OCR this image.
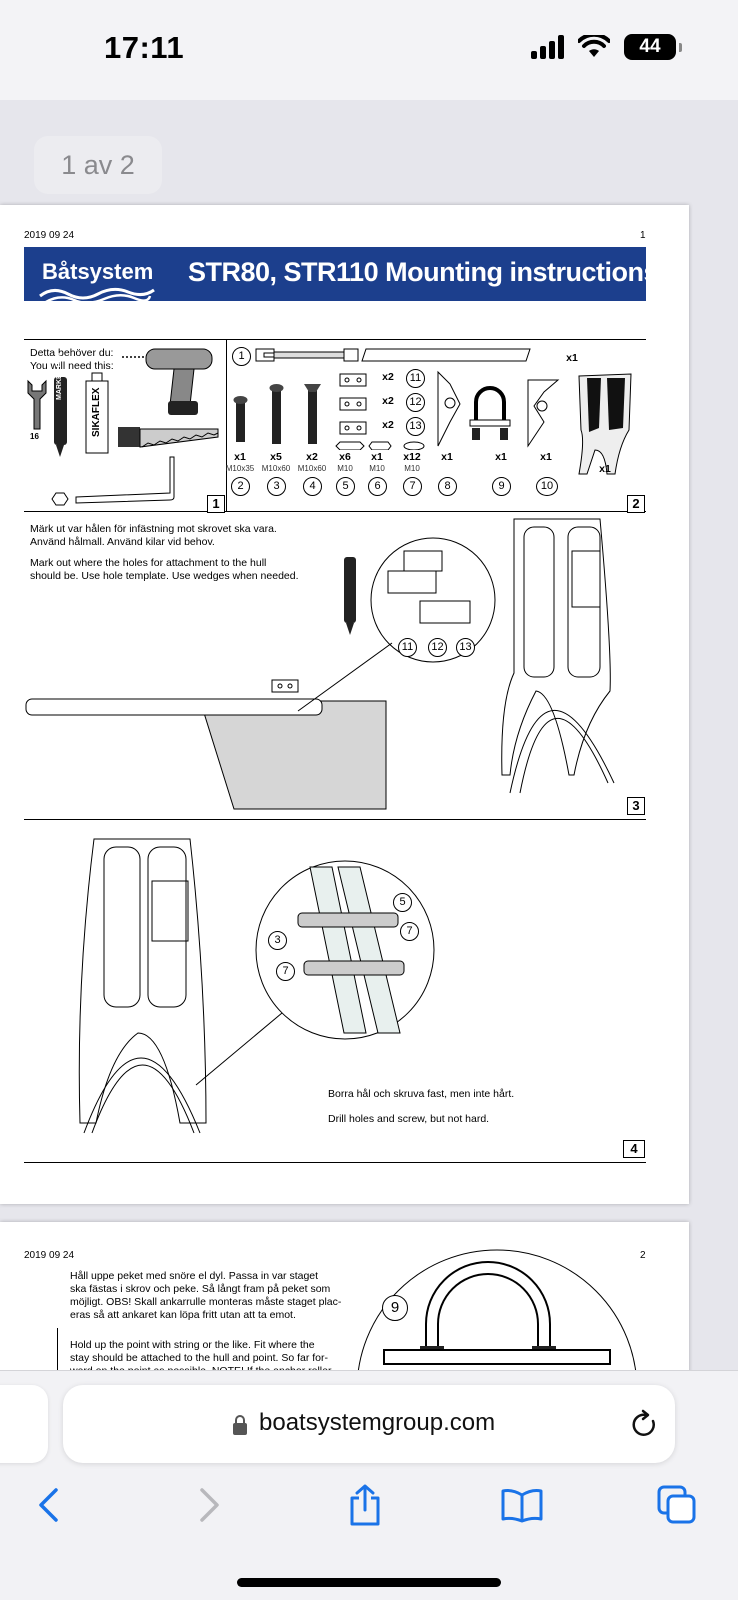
17:11	44
1 av 2
2019 09 24	1
Båtsystem STR80, STR110 Mounting instructions
Båtsystem AB, Traneredsvägen 112, 426 53 Västra Frölunda, Tel: 031-69 03 80, Fax: 031-690097
www.batsystem.se, info@batsystem.se
Detta behöver du:
You will need this:
16
MARKER PEN
SIKAFLEX
1
1	x1
x2
x2
x2
11
12
13
x1
x1
M10x35
2
x5
M10x60
3
x2
M10x60
4
x6
M10
5
x1
M10
6
x12
M10
7
x1
8
x1
9
x1
10
2
Märk ut var hålen för infästning mot skrovet ska vara.
Använd hålmall. Använd kilar vid behov.
Mark out where the holes for attachment to the hull
should be. Use hole template. Use wedges when needed.
11	12	13
3
5
3
7
7
Borra hål och skruva fast, men inte hårt.
Drill holes and screw, but not hard.
4
2019 09 24	2
Håll uppe peket med snöre el dyl. Passa in var staget
ska fästas i skrov och peke. Så långt fram på peket som
möjligt. OBS! Skall ankarrulle monteras måste staget plac-
eras så att ankaret kan löpa fritt utan att ta emot.
Hold up the point with string or the like. Fit where the
stay should be attached to the hull and point. So far for-
9
boatsystemgroup.com
